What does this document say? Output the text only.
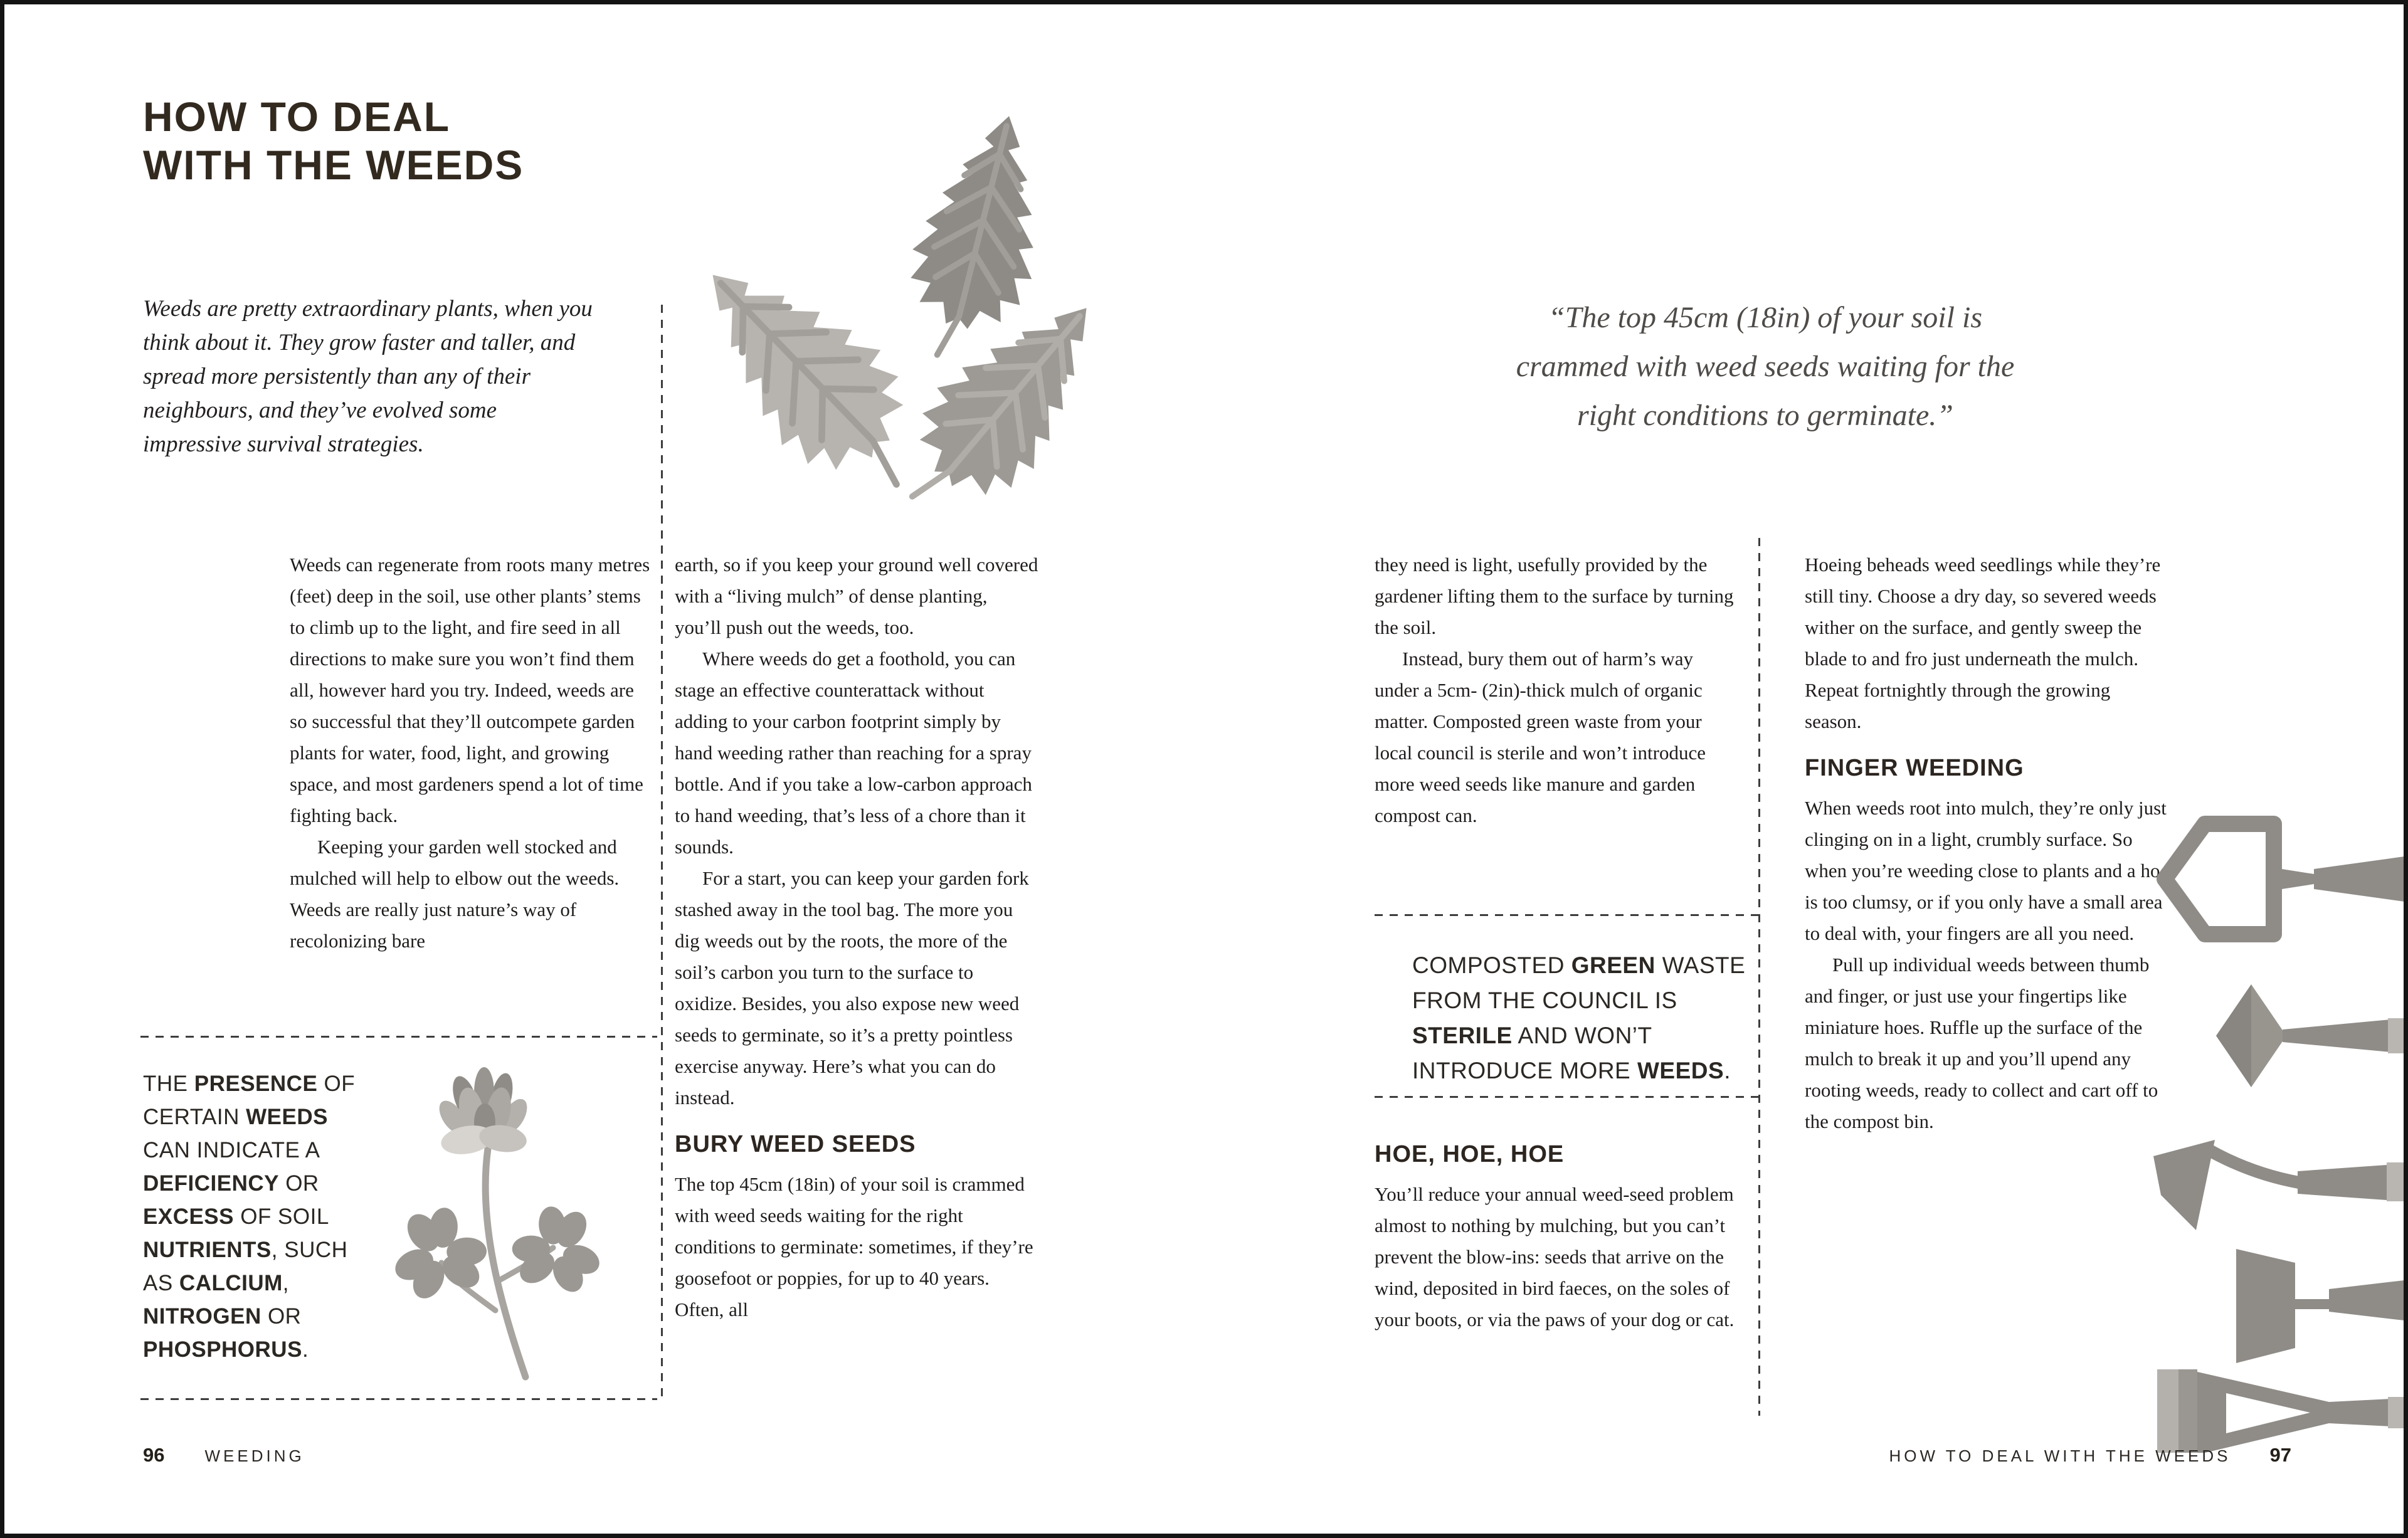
HOW TO DEAL
WITH THE WEEDS
Weeds are pretty extraordinary plants, when you think about it. They grow faster and taller, and spread more persistently than any of their neighbours, and they’ve evolved some impressive survival strategies.

Weeds can regenerate from roots many metres (feet) deep in the soil, use other plants’ stems to climb up to the light, and fire seed in all directions to make sure you won’t find them all, however hard you try. Indeed, weeds are so successful that they’ll outcompete garden plants for water, food, light, and growing space, and most gardeners spend a lot of time fighting back.

Keeping your garden well stocked and mulched will help to elbow out the weeds. Weeds are really just nature’s way of recolonizing bare

THE PRESENCE OF CERTAIN WEEDS CAN INDICATE A DEFICIENCY OR EXCESS OF SOIL NUTRIENTS, SUCH AS CALCIUM, NITROGEN OR PHOSPHORUS.

earth, so if you keep your ground well covered with a “living mulch” of dense planting, you’ll push out the weeds, too.

Where weeds do get a foothold, you can stage an effective counterattack without adding to your carbon footprint simply by hand weeding rather than reaching for a spray bottle. And if you take a low-carbon approach to hand weeding, that’s less of a chore than it sounds.

For a start, you can keep your garden fork stashed away in the tool bag. The more you dig weeds out by the roots, the more of the soil’s carbon you turn to the surface to oxidize. Besides, you also expose new weed seeds to germinate, so it’s a pretty pointless exercise anyway. Here’s what you can do instead.

BURY WEED SEEDS

The top 45cm (18in) of your soil is crammed with weed seeds waiting for the right conditions to germinate: sometimes, if they’re goosefoot or poppies, for up to 40 years. Often, all

96 WEEDING
“The top 45cm (18in) of your soil is crammed with weed seeds waiting for the right conditions to germinate.”

they need is light, usefully provided by the gardener lifting them to the surface by turning the soil.

Instead, bury them out of harm’s way under a 5cm- (2in)-thick mulch of organic matter. Composted green waste from your local council is sterile and won’t introduce more weed seeds like manure and garden compost can.

COMPOSTED GREEN WASTE FROM THE COUNCIL IS STERILE AND WON’T INTRODUCE MORE WEEDS.
HOE, HOE, HOE

You’ll reduce your annual weed-seed problem almost to nothing by mulching, but you can’t prevent the blow-ins: seeds that arrive on the wind, deposited in bird faeces, on the soles of your boots, or via the paws of your dog or cat.

Hoeing beheads weed seedlings while they’re still tiny. Choose a dry day, so severed weeds wither on the surface, and gently sweep the blade to and fro just underneath the mulch. Repeat fortnightly through the growing season.

FINGER WEEDING

When weeds root into mulch, they’re only just clinging on in a light, crumbly surface. So when you’re weeding close to plants and a hoe is too clumsy, or if you only have a small area to deal with, your fingers are all you need.

Pull up individual weeds between thumb and finger, or just use your fingertips like miniature hoes. Ruffle up the surface of the mulch to break it up and you’ll upend any rooting weeds, ready to collect and cart off to the compost bin.

HOW TO DEAL WITH THE WEEDS 97
